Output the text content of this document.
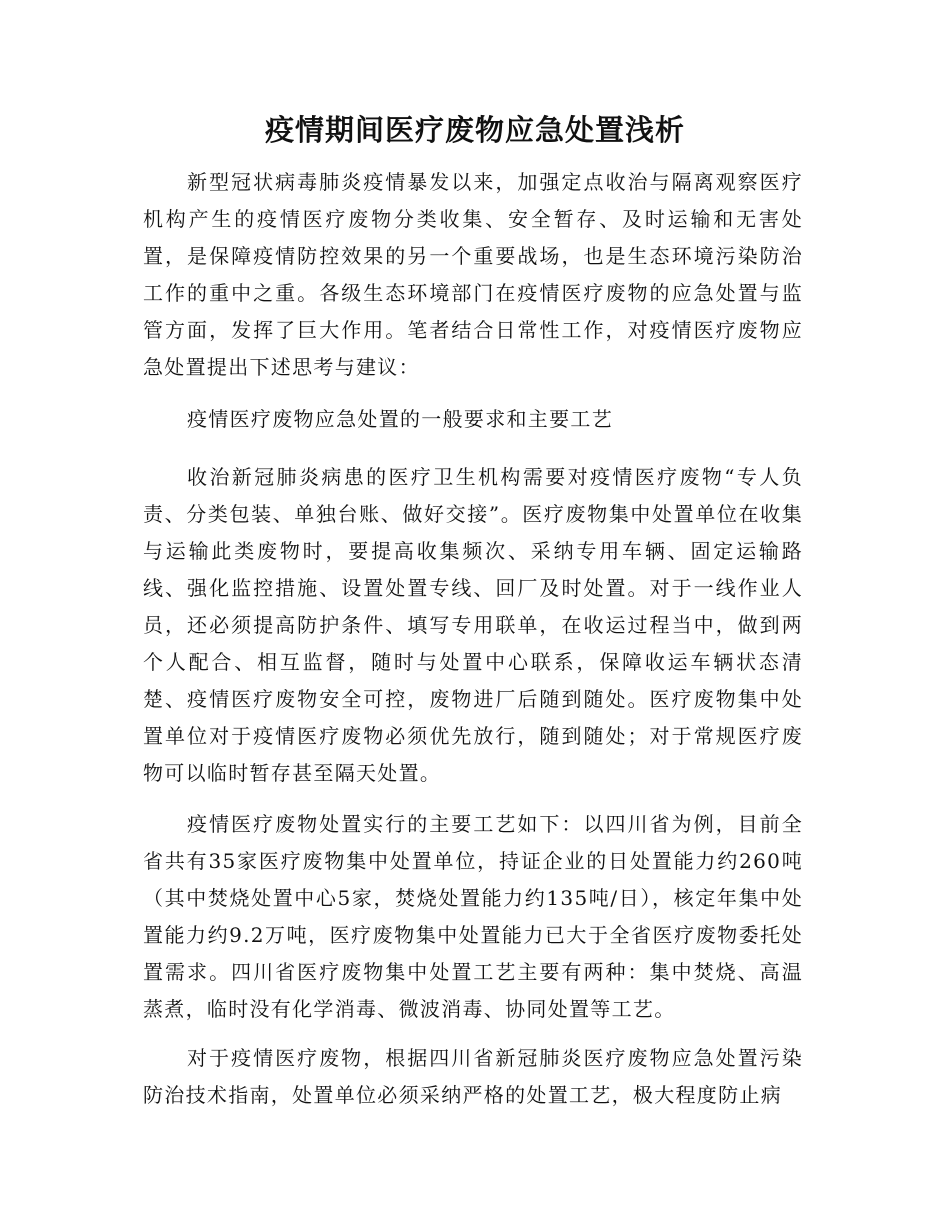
疫情期间医疗废物应急处置浅析

新型冠状病毒肺炎疫情暴发以来，加强定点收治与隔离观察医疗机构产生的疫情医疗废物分类收集、安全暂存、及时运输和无害处置，是保障疫情防控效果的另一个重要战场，也是生态环境污染防治工作的重中之重。各级生态环境部门在疫情医疗废物的应急处置与监管方面，发挥了巨大作用。笔者结合日常性工作，对疫情医疗废物应急处置提出下述思考与建议：

疫情医疗废物应急处置的一般要求和主要工艺

收治新冠肺炎病患的医疗卫生机构需要对疫情医疗废物“专人负责、分类包装、单独台账、做好交接”。医疗废物集中处置单位在收集与运输此类废物时，要提高收集频次、采纳专用车辆、固定运输路线、强化监控措施、设置处置专线、回厂及时处置。对于一线作业人员，还必须提高防护条件、填写专用联单，在收运过程当中，做到两个人配合、相互监督，随时与处置中心联系，保障收运车辆状态清楚、疫情医疗废物安全可控，废物进厂后随到随处。医疗废物集中处置单位对于疫情医疗废物必须优先放行，随到随处；对于常规医疗废物可以临时暂存甚至隔天处置。

疫情医疗废物处置实行的主要工艺如下：以四川省为例，目前全省共有35家医疗废物集中处置单位，持证企业的日处置能力约260吨（其中焚烧处置中心5家，焚烧处置能力约135吨/日），核定年集中处置能力约9.2万吨，医疗废物集中处置能力已大于全省医疗废物委托处置需求。四川省医疗废物集中处置工艺主要有两种：集中焚烧、高温蒸煮，临时没有化学消毒、微波消毒、协同处置等工艺。

对于疫情医疗废物，根据四川省新冠肺炎医疗废物应急处置污染防治技术指南，处置单位必须采纳严格的处置工艺，极大程度防止病
